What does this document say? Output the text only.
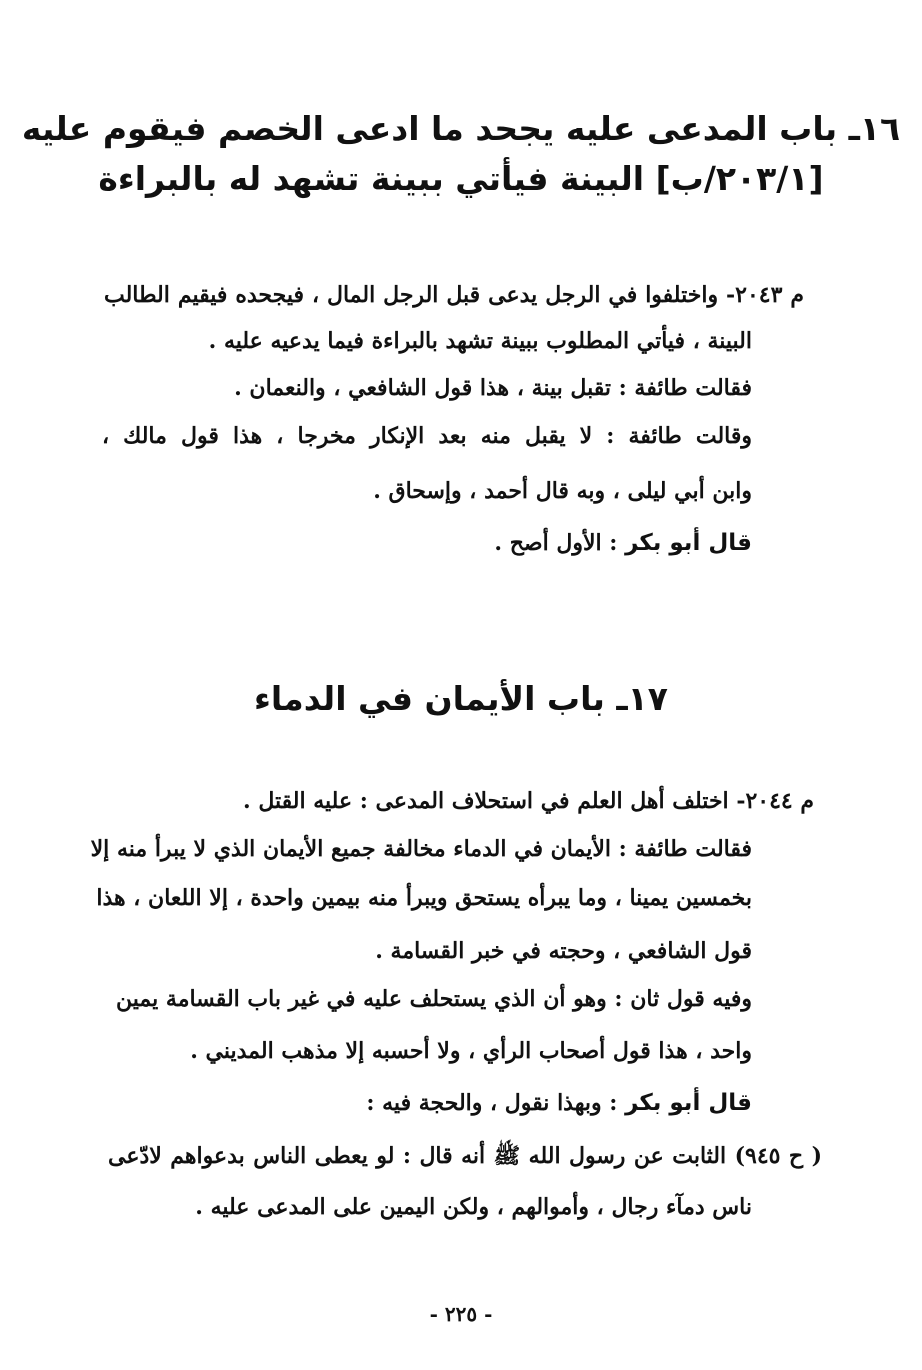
١٦ـ باب المدعى عليه يجحد ما ادعى الخصم فيقوم عليه
[٢٠٣/١/ب] البينة فيأتي ببينة تشهد له بالبراءة
م ٢٠٤٣- واختلفوا في الرجل يدعى قبل الرجل المال ، فيجحده فيقيم الطالب
البينة ، فيأتي المطلوب ببينة تشهد بالبراءة فيما يدعيه عليه .
فقالت طائفة : تقبل بينة ، هذا قول الشافعي ، والنعمان .
وقالت طائفة : لا يقبل منه بعد الإنكار مخرجا ، هذا قول مالك ،
وابن أبي ليلى ، وبه قال أحمد ، وإسحاق .
قال أبو بكر : الأول أصح .
١٧ـ باب الأيمان في الدماء
م ٢٠٤٤- اختلف أهل العلم في استحلاف المدعى : عليه القتل .
فقالت طائفة : الأيمان في الدماء مخالفة جميع الأيمان الذي لا يبرأ منه إلا
بخمسين يمينا ، وما يبرأه يستحق ويبرأ منه بيمين واحدة ، إلا اللعان ، هذا
قول الشافعي ، وحجته في خبر القسامة .
وفيه قول ثان : وهو أن الذي يستحلف عليه في غير باب القسامة يمين
واحد ، هذا قول أصحاب الرأي ، ولا أحسبه إلا مذهب المديني .
قال أبو بكر : وبهذا نقول ، والحجة فيه :
( ح ٩٤٥) الثابت عن رسول الله ﷺ أنه قال : لو يعطى الناس بدعواهم لادّعى
ناس دمآء رجال ، وأموالهم ، ولكن اليمين على المدعى عليه .
- ٢٢٥ -
